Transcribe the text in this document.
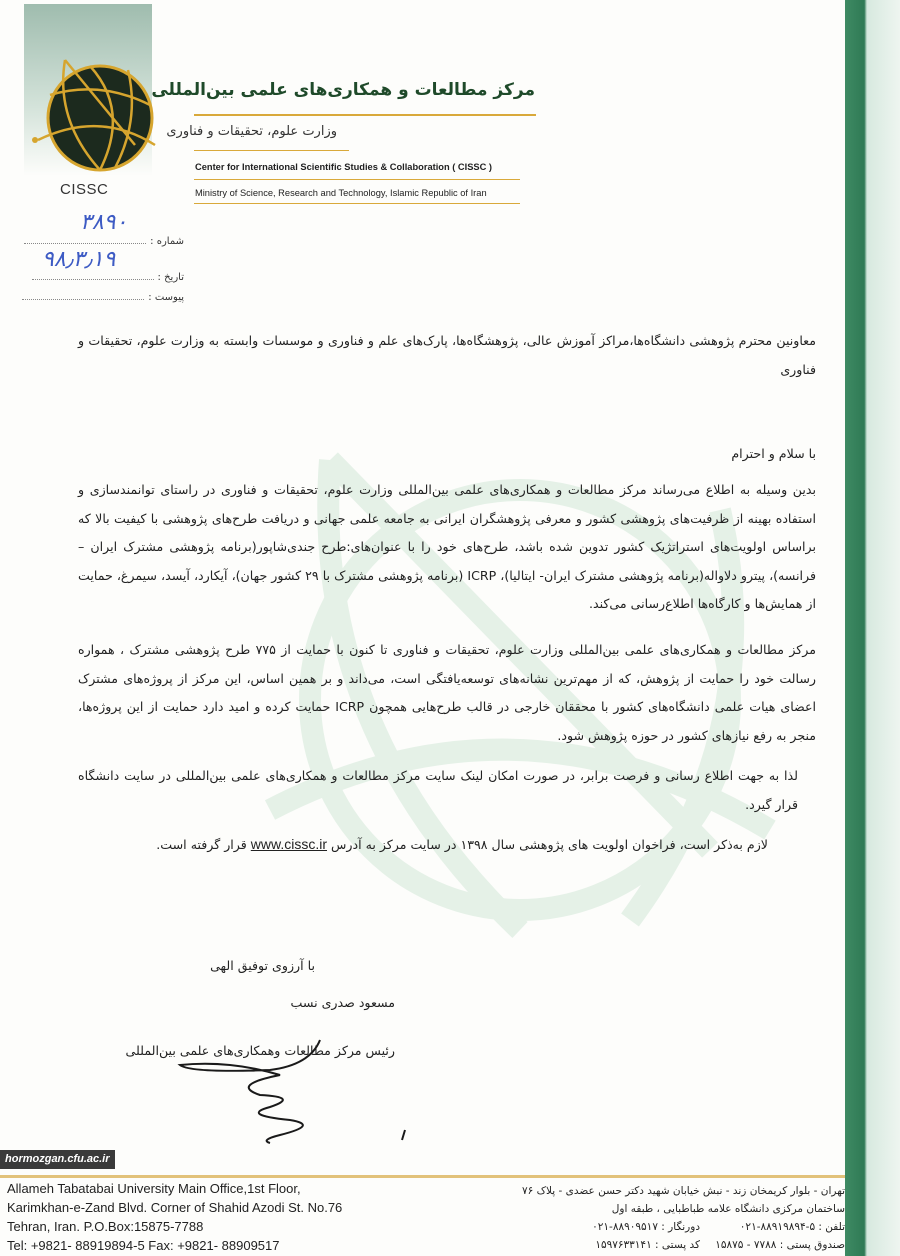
CISSC
مرکز مطالعات و همکاری‌های علمی بین‌المللی
وزارت علوم، تحقیقات و فناوری
Center for International Scientific Studies & Collaboration ( CISSC )
Ministry of Science, Research and Technology, Islamic Republic of Iran
۳۸۹۰
شماره :
۹۸٫۳٫۱۹
تاریخ :
پیوست :

معاونین محترم پژوهشی دانشگاه‌ها،مراکز آموزش عالی، پژوهشگاه‌ها، پارک‌های علم و فناوری و موسسات وابسته به وزارت علوم، تحقیقات و فناوری

با سلام و احترام

بدین وسیله به اطلاع می‌رساند مرکز مطالعات و همکاری‌های علمی بین‌المللی وزارت علوم، تحقیقات و فناوری در راستای توانمندسازی و استفاده بهینه از ظرفیت‌های پژوهشی کشور و معرفی پژوهشگران ایرانی به جامعه علمی جهانی و دریافت طرح‌های پژوهشی با کیفیت بالا که براساس اولویت‌های استراتژیک کشور تدوین شده باشد، طرح‌های خود را با عنوان‌های:طرح جندی‌شاپور(برنامه پژوهشی مشترک ایران – فرانسه)، پیترو دلاواله(برنامه پژوهشی مشترک ایران- ایتالیا)، ICRP (برنامه پژوهشی مشترک با ۲۹ کشور جهان)، آیکارد، آیسد، سیمرغ، حمایت از همایش‌ها و کارگاه‌ها اطلاع‌رسانی می‌کند.

مرکز مطالعات و همکاری‌های علمی بین‌المللی وزارت علوم، تحقیقات و فناوری تا کنون با حمایت از ۷۷۵ طرح پژوهشی مشترک ، همواره رسالت خود را حمایت از پژوهش، که از مهم‌ترین نشانه‌های توسعه‌یافتگی است، می‌داند و بر همین اساس، این مرکز از پروژه‌های مشترک اعضای هیات علمی دانشگاه‌های کشور با محققان خارجی در قالب طرح‌هایی همچون ICRP حمایت کرده و امید دارد حمایت از این پروژه‌ها، منجر به رفع نیازهای کشور در حوزه پژوهش شود.

لذا به جهت اطلاع رسانی و فرصت برابر، در صورت امکان لینک سایت مرکز مطالعات و همکاری‌های علمی بین‌المللی در سایت دانشگاه قرار گیرد.

لازم به‌ذکر است، فراخوان اولویت های پژوهشی سال ۱۳۹۸ در سایت مرکز به آدرس www.cissc.ir قرار گرفته است.

با آرزوی توفیق الهی
مسعود صدری نسب
رئیس مرکز مطالعات وهمکاری‌های علمی بین‌المللی
hormozgan.cfu.ac.ir
Allameh Tabatabai University Main Office,1st Floor,
Karimkhan-e-Zand Blvd. Corner of Shahid Azodi St. No.76
Tehran, Iran. P.O.Box:15875-7788
Tel: +9821- 88919894-5 Fax: +9821- 88909517
تهران - بلوار کریمخان زند - نبش خیابان شهید دکتر حسن عضدی - پلاک ۷۶
ساختمان مرکزی دانشگاه علامه طباطبایی ، طبقه اول
تلفن : ۵-۸۸۹۱۹۸۹۴-۰۲۱
دورنگار : ۸۸۹۰۹۵۱۷-۰۲۱
صندوق پستی : ۷۷۸۸ - ۱۵۸۷۵
کد پستی : ۱۵۹۷۶۳۳۱۴۱
